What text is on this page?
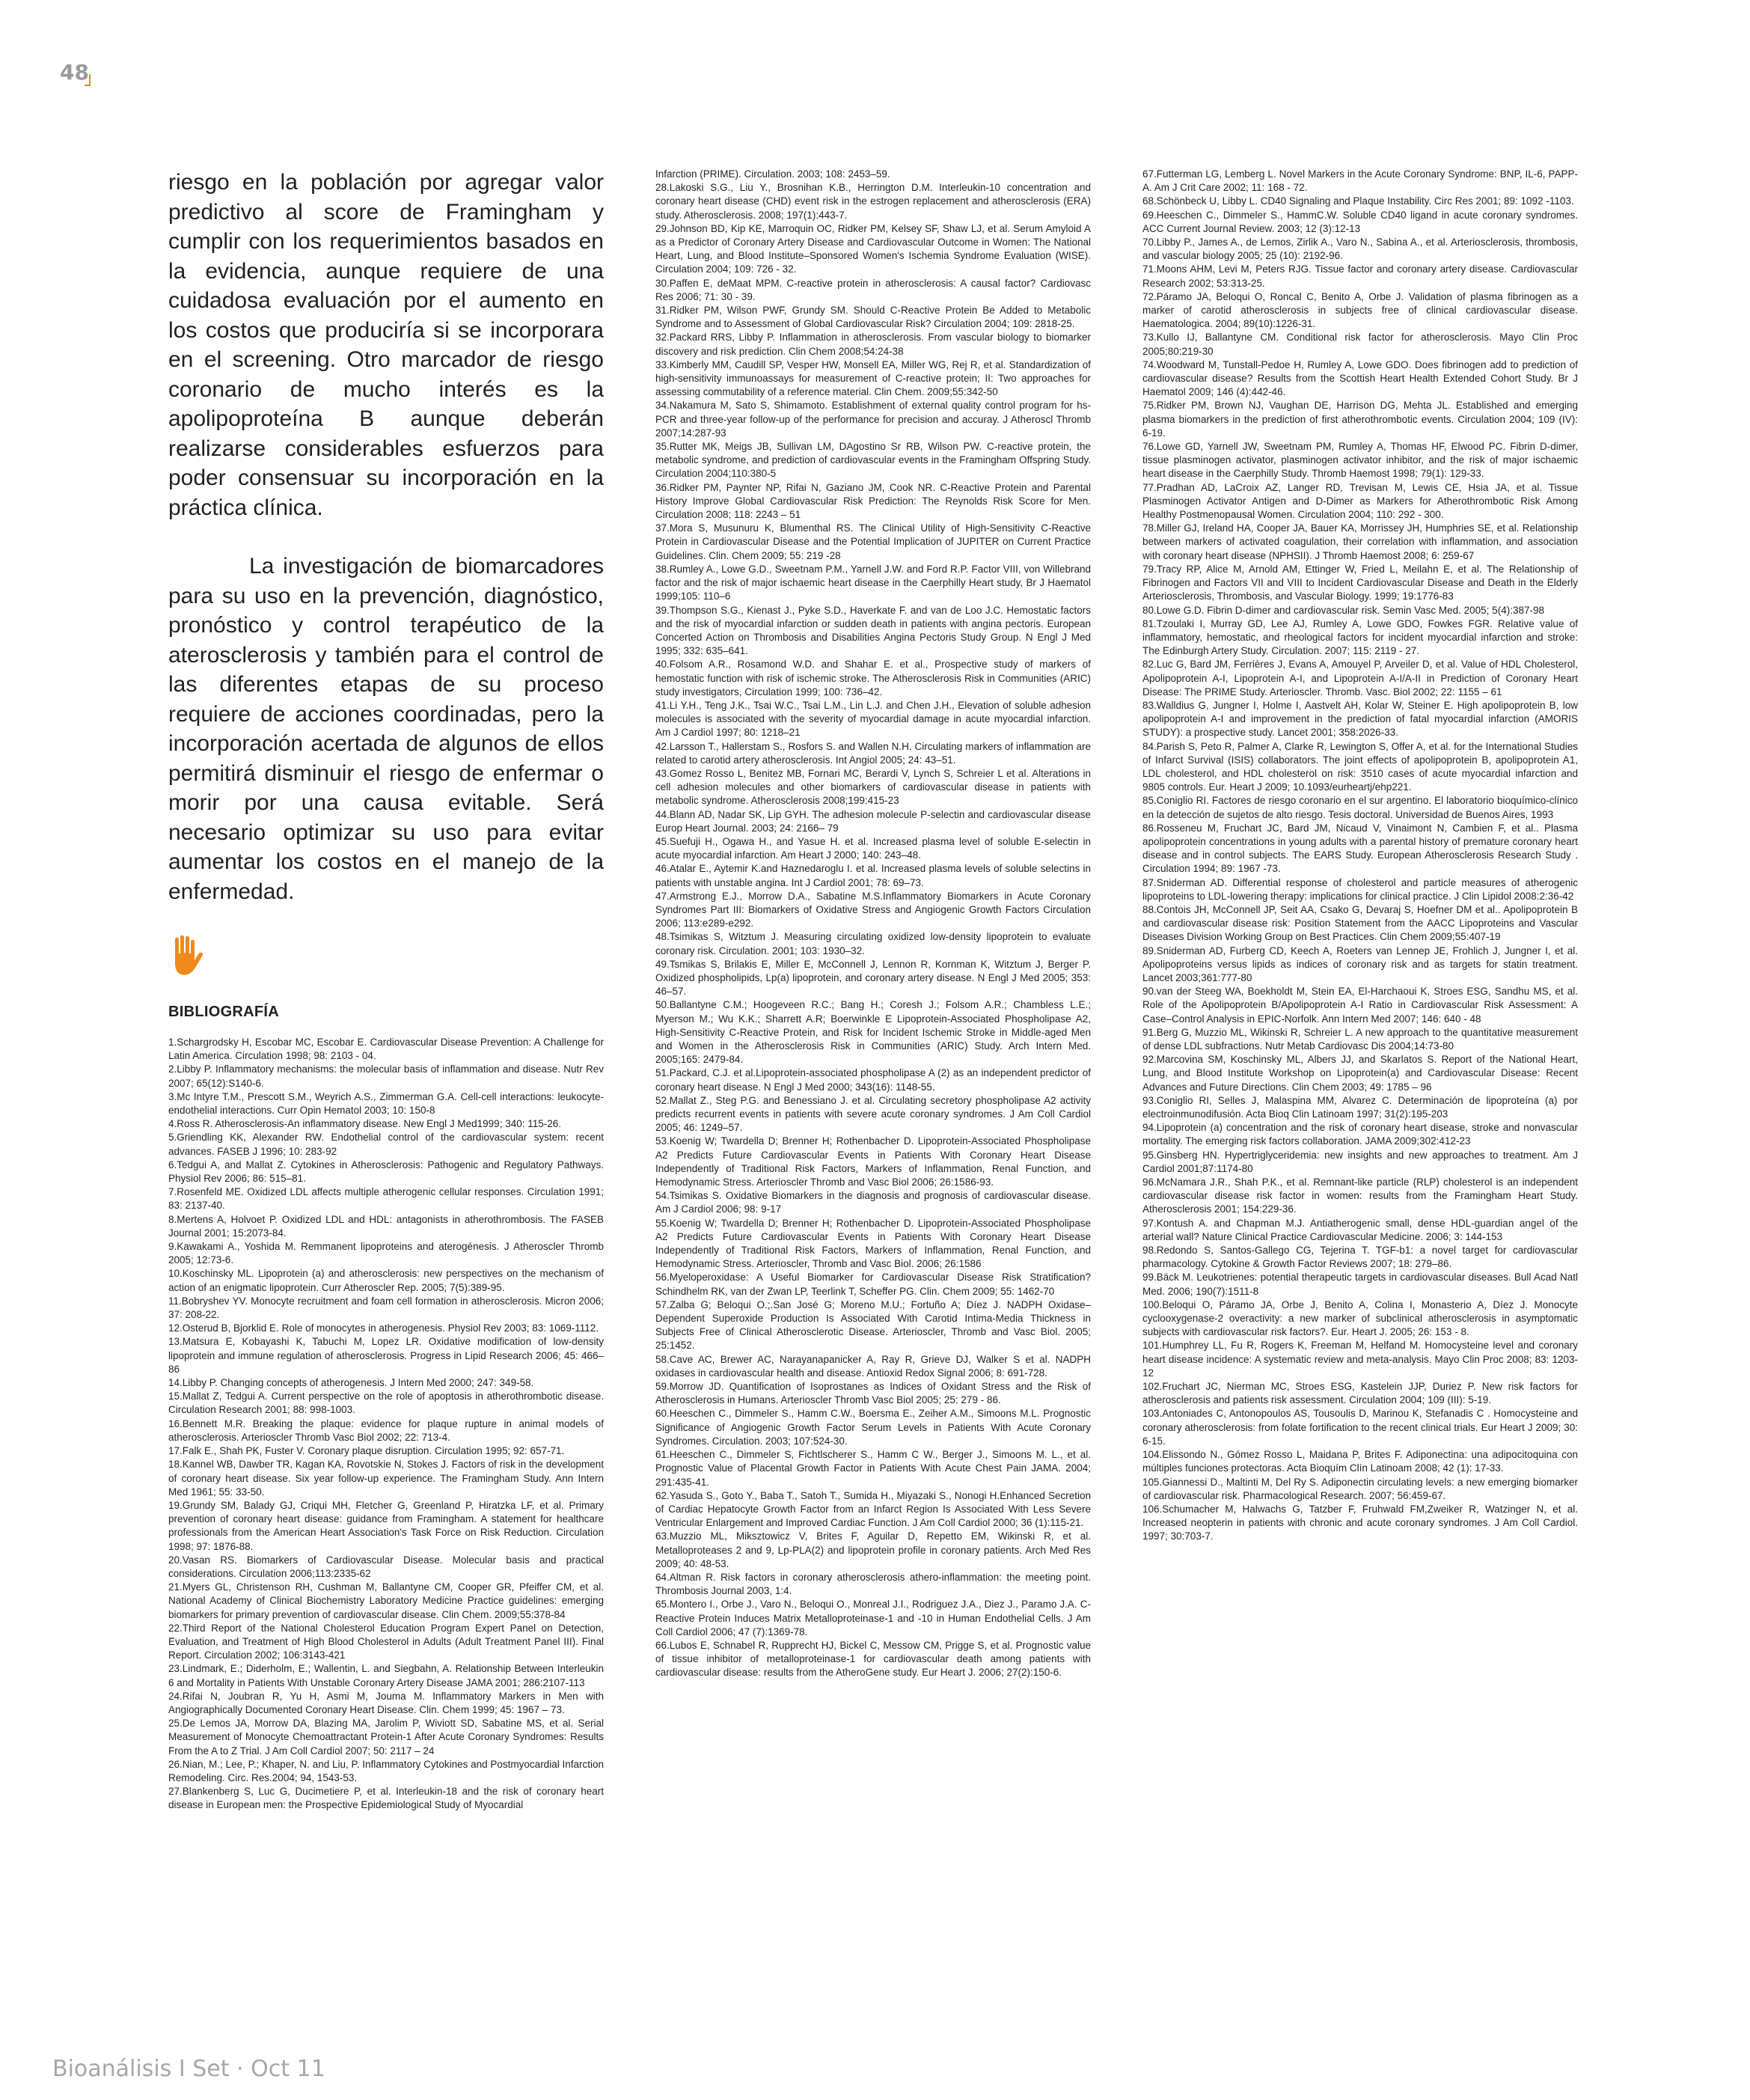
48

riesgo en la población por agregar valor predictivo al score de Framingham y cumplir con los requerimientos basados en la evidencia, aunque requiere de una cuidadosa evaluación por el aumento en los costos que produciría si se incorporara en el screening. Otro marcador de riesgo coronario de mucho interés es la apolipoproteína B aunque deberán realizarse considerables esfuerzos para poder consensuar su incorporación en la práctica clínica.

La investigación de biomarcadores para su uso en la prevención, diagnóstico, pronóstico y control terapéutico de la aterosclerosis y también para el control de las diferentes etapas de su proceso requiere de acciones coordinadas, pero la incorporación acertada de algunos de ellos permitirá disminuir el riesgo de enfermar o morir por una causa evitable. Será necesario optimizar su uso para evitar aumentar los costos en el manejo de la enfermedad.

BIBLIOGRAFÍA
1.Schargrodsky H, Escobar MC, Escobar E. Cardiovascular Disease Prevention: A Challenge for Latin America. Circulation 1998; 98: 2103 - 04.
2.Libby P. Inflammatory mechanisms: the molecular basis of inflammation and disease. Nutr Rev 2007; 65(12):S140-6.
3.Mc Intyre T.M., Prescott S.M., Weyrich A.S., Zimmerman G.A. Cell-cell interactions: leukocyte-endothelial interactions. Curr Opin Hematol 2003; 10: 150-8
4.Ross R. Atherosclerosis-An inflammatory disease. New Engl J Med1999; 340: 115-26.
5.Griendling KK, Alexander RW. Endothelial control of the cardiovascular system: recent advances. FASEB J 1996; 10: 283-92
6.Tedgui A, and Mallat Z. Cytokines in Atherosclerosis: Pathogenic and Regulatory Pathways. Physiol Rev 2006; 86: 515–81.
7.Rosenfeld ME. Oxidized LDL affects multiple atherogenic cellular responses. Circulation 1991; 83: 2137-40.
8.Mertens A, Holvoet P. Oxidized LDL and HDL: antagonists in atherothrombosis. The FASEB Journal 2001; 15:2073-84.
9.Kawakami A., Yoshida M. Remmanent lipoproteins and aterogénesis. J Atheroscler Thromb 2005; 12:73-6.
10.Koschinsky ML. Lipoprotein (a) and atherosclerosis: new perspectives on the mechanism of action of an enigmatic lipoprotein. Curr Atheroscler Rep. 2005; 7(5):389-95.
11.Bobryshev YV. Monocyte recruitment and foam cell formation in atherosclerosis. Micron 2006; 37: 208-22.
12.Osterud B, Bjorklid E. Role of monocytes in atherogenesis. Physiol Rev 2003; 83: 1069-1112.
13.Matsura E, Kobayashi K, Tabuchi M, Lopez LR. Oxidative modification of low-density lipoprotein and immune regulation of atherosclerosis. Progress in Lipid Research 2006; 45: 466–86
14.Libby P. Changing concepts of atherogenesis. J Intern Med 2000; 247: 349-58.
15.Mallat Z, Tedgui A. Current perspective on the role of apoptosis in atherothrombotic disease. Circulation Research 2001; 88: 998-1003.
16.Bennett M.R. Breaking the plaque: evidence for plaque rupture in animal models of atherosclerosis. Arterioscler Thromb Vasc Biol 2002; 22: 713-4.
17.Falk E., Shah PK, Fuster V. Coronary plaque disruption. Circulation 1995; 92: 657-71.
18.Kannel WB, Dawber TR, Kagan KA, Rovotskie N, Stokes J. Factors of risk in the development of coronary heart disease. Six year follow-up experience. The Framingham Study. Ann Intern Med 1961; 55: 33-50.
19.Grundy SM, Balady GJ, Criqui MH, Fletcher G, Greenland P, Hiratzka LF, et al. Primary prevention of coronary heart disease: guidance from Framingham. A statement for healthcare professionals from the American Heart Association's Task Force on Risk Reduction. Circulation 1998; 97: 1876-88.
20.Vasan RS. Biomarkers of Cardiovascular Disease. Molecular basis and practical considerations. Circulation 2006;113:2335-62
21.Myers GL, Christenson RH, Cushman M, Ballantyne CM, Cooper GR, Pfeiffer CM, et al. National Academy of Clinical Biochemistry Laboratory Medicine Practice guidelines: emerging biomarkers for primary prevention of cardiovascular disease. Clin Chem. 2009;55:378-84
22.Third Report of the National Cholesterol Education Program Expert Panel on Detection, Evaluation, and Treatment of High Blood Cholesterol in Adults (Adult Treatment Panel III). Final Report. Circulation 2002; 106:3143-421
23.Lindmark, E.; Diderholm, E.; Wallentin, L. and Siegbahn, A. Relationship Between Interleukin 6 and Mortality in Patients With Unstable Coronary Artery Disease JAMA 2001; 286:2107-113
24.Rifai N, Joubran R, Yu H, Asmi M, Jouma M. Inflammatory Markers in Men with Angiographically Documented Coronary Heart Disease. Clin. Chem 1999; 45: 1967 – 73.
25.De Lemos JA, Morrow DA, Blazing MA, Jarolim P, Wiviott SD, Sabatine MS, et al. Serial Measurement of Monocyte Chemoattractant Protein-1 After Acute Coronary Syndromes: Results From the A to Z Trial. J Am Coll Cardiol 2007; 50: 2117 – 24
26.Nian, M.; Lee, P.; Khaper, N. and Liu, P. Inflammatory Cytokines and Postmyocardial Infarction Remodeling. Circ. Res.2004; 94, 1543-53.
27.Blankenberg S, Luc G, Ducimetiere P, et al. Interleukin-18 and the risk of coronary heart disease in European men: the Prospective Epidemiological Study of Myocardial
Infarction (PRIME). Circulation. 2003; 108: 2453–59.
28.Lakoski S.G., Liu Y., Brosnihan K.B., Herrington D.M. Interleukin-10 concentration and coronary heart disease (CHD) event risk in the estrogen replacement and atherosclerosis (ERA) study. Atherosclerosis. 2008; 197(1):443-7.
29.Johnson BD, Kip KE, Marroquin OC, Ridker PM, Kelsey SF, Shaw LJ, et al. Serum Amyloid A as a Predictor of Coronary Artery Disease and Cardiovascular Outcome in Women: The National Heart, Lung, and Blood Institute–Sponsored Women's Ischemia Syndrome Evaluation (WISE). Circulation 2004; 109: 726 - 32.
30.Paffen E, deMaat MPM. C-reactive protein in atherosclerosis: A causal factor? Cardiovasc Res 2006; 71: 30 - 39.
31.Ridker PM, Wilson PWF, Grundy SM. Should C-Reactive Protein Be Added to Metabolic Syndrome and to Assessment of Global Cardiovascular Risk? Circulation 2004; 109: 2818-25.
32.Packard RRS, Libby P. Inflammation in atherosclerosis. From vascular biology to biomarker discovery and risk prediction. Clin Chem 2008;54:24-38
33.Kimberly MM, Caudill SP, Vesper HW, Monsell EA, Miller WG, Rej R, et al. Standardization of high-sensitivity immunoassays for measurement of C-reactive protein; II: Two approaches for assessing commutability of a reference material. Clin Chem. 2009;55:342-50
34.Nakamura M, Sato S, Shimamoto. Establishment of external quality control program for hs-PCR and three-year follow-up of the performance for precision and accuray. J Atheroscl Thromb 2007;14:287-93
35.Rutter MK, Meigs JB, Sullivan LM, DAgostino Sr RB, Wilson PW. C-reactive protein, the metabolic syndrome, and prediction of cardiovascular events in the Framingham Offspring Study. Circulation 2004;110:380-5
36.Ridker PM, Paynter NP, Rifai N, Gaziano JM, Cook NR. C-Reactive Protein and Parental History Improve Global Cardiovascular Risk Prediction: The Reynolds Risk Score for Men. Circulation 2008; 118: 2243 – 51
37.Mora S, Musunuru K, Blumenthal RS. The Clinical Utility of High-Sensitivity C-Reactive Protein in Cardiovascular Disease and the Potential Implication of JUPITER on Current Practice Guidelines. Clin. Chem 2009; 55: 219 -28
38.Rumley A., Lowe G.D., Sweetnam P.M., Yarnell J.W. and Ford R.P. Factor VIII, von Willebrand factor and the risk of major ischaemic heart disease in the Caerphilly Heart study, Br J Haematol 1999;105: 110–6
39.Thompson S.G., Kienast J., Pyke S.D., Haverkate F. and van de Loo J.C. Hemostatic factors and the risk of myocardial infarction or sudden death in patients with angina pectoris. European Concerted Action on Thrombosis and Disabilities Angina Pectoris Study Group. N Engl J Med 1995; 332: 635–641.
40.Folsom A.R., Rosamond W.D. and Shahar E. et al., Prospective study of markers of hemostatic function with risk of ischemic stroke. The Atherosclerosis Risk in Communities (ARIC) study investigators, Circulation 1999; 100: 736–42.
41.Li Y.H., Teng J.K., Tsai W.C., Tsai L.M., Lin L.J. and Chen J.H., Elevation of soluble adhesion molecules is associated with the severity of myocardial damage in acute myocardial infarction. Am J Cardiol 1997; 80: 1218–21
42.Larsson T., Hallerstam S., Rosfors S. and Wallen N.H. Circulating markers of inflammation are related to carotid artery atherosclerosis. Int Angiol 2005; 24: 43–51.
43.Gomez Rosso L, Benitez MB, Fornari MC, Berardi V, Lynch S, Schreier L et al. Alterations in cell adhesion molecules and other biomarkers of cardiovascular disease in patients with metabolic syndrome. Atherosclerosis 2008;199:415-23
44.Blann AD, Nadar SK, Lip GYH. The adhesion molecule P-selectin and cardiovascular disease Europ Heart Journal. 2003; 24: 2166– 79
45.Suefuji H., Ogawa H., and Yasue H. et al. Increased plasma level of soluble E-selectin in acute myocardial infarction. Am Heart J 2000; 140: 243–48.
46.Atalar E., Aytemir K.and Haznedaroglu I. et al. Increased plasma levels of soluble selectins in patients with unstable angina. Int J Cardiol 2001; 78: 69–73.
47.Armstrong E.J., Morrow D.A., Sabatine M.S.Inflammatory Biomarkers in Acute Coronary Syndromes Part III: Biomarkers of Oxidative Stress and Angiogenic Growth Factors Circulation 2006; 113:e289-e292.
48.Tsimikas S, Witztum J. Measuring circulating oxidized low-density lipoprotein to evaluate coronary risk. Circulation. 2001; 103: 1930–32.
49.Tsmikas S, Brilakis E, Miller E, McConnell J, Lennon R, Kornman K, Witztum J, Berger P. Oxidized phospholipids, Lp(a) lipoprotein, and coronary artery disease. N Engl J Med 2005; 353: 46–57.
50.Ballantyne C.M.; Hoogeveen R.C.; Bang H.; Coresh J.; Folsom A.R.; Chambless L.E.; Myerson M.; Wu K.K.; Sharrett A.R; Boerwinkle E Lipoprotein-Associated Phospholipase A2, High-Sensitivity C-Reactive Protein, and Risk for Incident Ischemic Stroke in Middle-aged Men and Women in the Atherosclerosis Risk in Communities (ARIC) Study. Arch Intern Med. 2005;165: 2479-84.
51.Packard, C.J. et al.Lipoprotein-associated phospholipase A (2) as an independent predictor of coronary heart disease. N Engl J Med 2000; 343(16): 1148-55.
52.Mallat Z., Steg P.G. and Benessiano J. et al. Circulating secretory phospholipase A2 activity predicts recurrent events in patients with severe acute coronary syndromes. J Am Coll Cardiol 2005; 46: 1249–57.
53.Koenig W; Twardella D; Brenner H; Rothenbacher D. Lipoprotein-Associated Phospholipase A2 Predicts Future Cardiovascular Events in Patients With Coronary Heart Disease Independently of Traditional Risk Factors, Markers of Inflammation, Renal Function, and Hemodynamic Stress. Arterioscler Thromb and Vasc Biol 2006; 26:1586-93.
54.Tsimikas S. Oxidative Biomarkers in the diagnosis and prognosis of cardiovascular disease. Am J Cardiol 2006; 98: 9-17
55.Koenig W; Twardella D; Brenner H; Rothenbacher D. Lipoprotein-Associated Phospholipase A2 Predicts Future Cardiovascular Events in Patients With Coronary Heart Disease Independently of Traditional Risk Factors, Markers of Inflammation, Renal Function, and Hemodynamic Stress. Arterioscler, Thromb and Vasc Biol. 2006; 26:1586
56.Myeloperoxidase: A Useful Biomarker for Cardiovascular Disease Risk Stratification? Schindhelm RK, van der Zwan LP, Teerlink T, Scheffer PG. Clin. Chem 2009; 55: 1462-70
57.Zalba G; Beloqui O.;.San José G; Moreno M.U.; Fortuño A; Díez J. NADPH Oxidase–Dependent Superoxide Production Is Associated With Carotid Intima-Media Thickness in Subjects Free of Clinical Atherosclerotic Disease. Arterioscler, Thromb and Vasc Biol. 2005; 25:1452.
58.Cave AC, Brewer AC, Narayanapanicker A, Ray R, Grieve DJ, Walker S et al. NADPH oxidases in cardiovascular health and disease. Antioxid Redox Signal 2006; 8: 691-728.
59.Morrow JD. Quantification of Isoprostanes as Indices of Oxidant Stress and the Risk of Atherosclerosis in Humans. Arterioscler Thromb Vasc Biol 2005; 25: 279 - 86.
60.Heeschen C., Dimmeler S., Hamm C.W., Boersma E., Zeiher A.M., Simoons M.L. Prognostic Significance of Angiogenic Growth Factor Serum Levels in Patients With Acute Coronary Syndromes. Circulation. 2003; 107:524-30.
61.Heeschen C., Dimmeler S, Fichtlscherer S., Hamm C W., Berger J., Simoons M. L., et al. Prognostic Value of Placental Growth Factor in Patients With Acute Chest Pain JAMA. 2004; 291:435-41.
62.Yasuda S., Goto Y., Baba T., Satoh T., Sumida H., Miyazaki S., Nonogi H.Enhanced Secretion of Cardiac Hepatocyte Growth Factor from an Infarct Region Is Associated With Less Severe Ventricular Enlargement and Improved Cardiac Function. J Am Coll Cardiol 2000; 36 (1):115-21.
63.Muzzio ML, Miksztowicz V, Brites F, Aguilar D, Repetto EM, Wikinski R, et al. Metalloproteases 2 and 9, Lp-PLA(2) and lipoprotein profile in coronary patients. Arch Med Res 2009; 40: 48-53.
64.Altman R. Risk factors in coronary atherosclerosis athero-inflammation: the meeting point. Thrombosis Journal 2003, 1:4.
65.Montero I., Orbe J., Varo N., Beloqui O., Monreal J.I., Rodriguez J.A., Diez J., Paramo J.A. C-Reactive Protein Induces Matrix Metalloproteinase-1 and -10 in Human Endothelial Cells. J Am Coll Cardiol 2006; 47 (7):1369-78.
66.Lubos E, Schnabel R, Rupprecht HJ, Bickel C, Messow CM, Prigge S, et al. Prognostic value of tissue inhibitor of metalloproteinase-1 for cardiovascular death among patients with cardiovascular disease: results from the AtheroGene study. Eur Heart J. 2006; 27(2):150-6.
67.Futterman LG, Lemberg L. Novel Markers in the Acute Coronary Syndrome: BNP, IL-6, PAPP-A. Am J Crit Care 2002; 11: 168 - 72.
68.Schönbeck U, Libby L. CD40 Signaling and Plaque Instability. Circ Res 2001; 89: 1092 -1103.
69.Heeschen C., Dimmeler S., HammC.W. Soluble CD40 ligand in acute coronary syndromes. ACC Current Journal Review. 2003; 12 (3):12-13
70.Libby P., James A., de Lemos, Zirlik A., Varo N., Sabina A., et al. Arteriosclerosis, thrombosis, and vascular biology 2005; 25 (10): 2192-96.
71.Moons AHM, Levi M, Peters RJG. Tissue factor and coronary artery disease. Cardiovascular Research 2002; 53:313-25.
72.Páramo JA, Beloqui O, Roncal C, Benito A, Orbe J. Validation of plasma fibrinogen as a marker of carotid atherosclerosis in subjects free of clinical cardiovascular disease. Haematologica. 2004; 89(10):1226-31.
73.Kullo IJ, Ballantyne CM. Conditional risk factor for atherosclerosis. Mayo Clin Proc 2005;80:219-30
74.Woodward M, Tunstall-Pedoe H, Rumley A, Lowe GDO. Does fibrinogen add to prediction of cardiovascular disease? Results from the Scottish Heart Health Extended Cohort Study. Br J Haematol 2009; 146 (4):442-46.
75.Ridker PM, Brown NJ, Vaughan DE, Harrison DG, Mehta JL. Established and emerging plasma biomarkers in the prediction of first atherothrombotic events. Circulation 2004; 109 (IV): 6-19.
76.Lowe GD, Yarnell JW, Sweetnam PM, Rumley A, Thomas HF, Elwood PC. Fibrin D-dimer, tissue plasminogen activator, plasminogen activator inhibitor, and the risk of major ischaemic heart disease in the Caerphilly Study. Thromb Haemost 1998; 79(1): 129-33.
77.Pradhan AD, LaCroix AZ, Langer RD, Trevisan M, Lewis CE, Hsia JA, et al. Tissue Plasminogen Activator Antigen and D-Dimer as Markers for Atherothrombotic Risk Among Healthy Postmenopausal Women. Circulation 2004; 110: 292 - 300.
78.Miller GJ, Ireland HA, Cooper JA, Bauer KA, Morrissey JH, Humphries SE, et al. Relationship between markers of activated coagulation, their correlation with inflammation, and association with coronary heart disease (NPHSII). J Thromb Haemost 2008; 6: 259-67
79.Tracy RP, Alice M, Arnold AM, Ettinger W, Fried L, Meilahn E, et al. The Relationship of Fibrinogen and Factors VII and VIII to Incident Cardiovascular Disease and Death in the Elderly Arteriosclerosis, Thrombosis, and Vascular Biology. 1999; 19:1776-83
80.Lowe G.D. Fibrin D-dimer and cardiovascular risk. Semin Vasc Med. 2005; 5(4):387-98
81.Tzoulaki I, Murray GD, Lee AJ, Rumley A, Lowe GDO, Fowkes FGR. Relative value of inflammatory, hemostatic, and rheological factors for incident myocardial infarction and stroke: The Edinburgh Artery Study. Circulation. 2007; 115: 2119 - 27.
82.Luc G, Bard JM, Ferrières J, Evans A, Amouyel P, Arveiler D, et al. Value of HDL Cholesterol, Apolipoprotein A-I, Lipoprotein A-I, and Lipoprotein A-I/A-II in Prediction of Coronary Heart Disease: The PRIME Study. Arterioscler. Thromb. Vasc. Biol 2002; 22: 1155 – 61
83.Walldius G, Jungner I, Holme I, Aastvelt AH, Kolar W, Steiner E. High apolipoprotein B, low apolipoprotein A-I and improvement in the prediction of fatal myocardial infarction (AMORIS STUDY): a prospective study. Lancet 2001; 358:2026-33.
84.Parish S, Peto R, Palmer A, Clarke R, Lewington S, Offer A, et al. for the International Studies of Infarct Survival (ISIS) collaborators. The joint effects of apolipoprotein B, apolipoprotein A1, LDL cholesterol, and HDL cholesterol on risk: 3510 cases of acute myocardial infarction and 9805 controls. Eur. Heart J 2009; 10.1093/eurheartj/ehp221.
85.Coniglio RI. Factores de riesgo coronario en el sur argentino. El laboratorio bioquímico-clínico en la detección de sujetos de alto riesgo. Tesis doctoral. Universidad de Buenos Aires, 1993
86.Rosseneu M, Fruchart JC, Bard JM, Nicaud V, Vinaimont N, Cambien F, et al.. Plasma apolipoprotein concentrations in young adults with a parental history of premature coronary heart disease and in control subjects. The EARS Study. European Atherosclerosis Research Study . Circulation 1994; 89: 1967 -73.
87.Sniderman AD. Differential response of cholesterol and particle measures of atherogenic lipoproteins to LDL-lowering therapy: implications for clinical practice. J Clin Lipidol 2008:2:36-42
88.Contois JH, McConnell JP, Seit AA, Csako G, Devaraj S, Hoefner DM et al.. Apolipoprotein B and cardiovascular disease risk: Position Statement from the AACC Lipoproteins and Vascular Diseases Division Working Group on Best Practices. Clin Chem 2009;55:407-19
89.Sniderman AD, Furberg CD, Keech A, Roeters van Lennep JE, Frohlich J, Jungner I, et al. Apolipoproteins versus lipids as indices of coronary risk and as targets for statin treatment. Lancet 2003;361:777-80
90.van der Steeg WA, Boekholdt M, Stein EA, El-Harchaoui K, Stroes ESG, Sandhu MS, et al. Role of the Apolipoprotein B/Apolipoprotein A-I Ratio in Cardiovascular Risk Assessment: A Case–Control Analysis in EPIC-Norfolk. Ann Intern Med 2007; 146: 640 - 48
91.Berg G, Muzzio ML, Wikinski R, Schreier L. A new approach to the quantitative measurement of dense LDL subfractions. Nutr Metab Cardiovasc Dis 2004;14:73-80
92.Marcovina SM, Koschinsky ML, Albers JJ, and Skarlatos S. Report of the National Heart, Lung, and Blood Institute Workshop on Lipoprotein(a) and Cardiovascular Disease: Recent Advances and Future Directions. Clin Chem 2003; 49: 1785 – 96
93.Coniglio RI, Selles J, Malaspina MM, Alvarez C. Determinación de lipoproteína (a) por electroinmunodifusión. Acta Bioq Clin Latinoam 1997; 31(2):195-203
94.Lipoprotein (a) concentration and the risk of coronary heart disease, stroke and nonvascular mortality. The emerging risk factors collaboration. JAMA 2009;302:412-23
95.Ginsberg HN. Hypertriglyceridemia: new insights and new approaches to treatment. Am J Cardiol 2001;87:1174-80
96.McNamara J.R., Shah P.K., et al. Remnant-like particle (RLP) cholesterol is an independent cardiovascular disease risk factor in women: results from the Framingham Heart Study. Atherosclerosis 2001; 154:229-36.
97.Kontush A. and Chapman M.J. Antiatherogenic small, dense HDL-guardian angel of the arterial wall? Nature Clinical Practice Cardiovascular Medicine. 2006; 3: 144-153
98.Redondo S, Santos-Gallego CG, Tejerina T. TGF-b1: a novel target for cardiovascular pharmacology. Cytokine & Growth Factor Reviews 2007; 18: 279–86.
99.Bäck M. Leukotrienes: potential therapeutic targets in cardiovascular diseases. Bull Acad Natl Med. 2006; 190(7):1511-8
100.Beloqui O, Páramo JA, Orbe J, Benito A, Colina I, Monasterio A, Díez J. Monocyte cyclooxygenase-2 overactivity: a new marker of subclinical atherosclerosis in asymptomatic subjects with cardiovascular risk factors?. Eur. Heart J. 2005; 26: 153 - 8.
101.Humphrey LL, Fu R, Rogers K, Freeman M, Helfand M. Homocysteine level and coronary heart disease incidence: A systematic review and meta-analysis. Mayo Clin Proc 2008; 83: 1203-12
102.Fruchart JC, Nierman MC, Stroes ESG, Kastelein JJP, Duriez P. New risk factors for atherosclerosis and patients risk assessment. Circulation 2004; 109 (III): 5-19.
103.Antoniades C, Antonopoulos AS, Tousoulis D, Marinou K, Stefanadis C . Homocysteine and coronary atherosclerosis: from folate fortification to the recent clinical trials. Eur Heart J 2009; 30: 6-15.
104.Elissondo N., Gómez Rosso L, Maidana P, Brites F. Adiponectina: una adipocitoquina con múltiples funciones protectoras. Acta Bioquím Clín Latinoam 2008; 42 (1): 17-33.
105.Giannessi D., Maltinti M, Del Ry S. Adiponectin circulating levels: a new emerging biomarker of cardiovascular risk. Pharmacological Research. 2007; 56:459-67.
106.Schumacher M, Halwachs G, Tatzber F, Fruhwald FM,Zweiker R, Watzinger N, et al. Increased neopterin in patients with chronic and acute coronary syndromes. J Am Coll Cardiol. 1997; 30:703-7.
Bioanálisis I Set · Oct 11
